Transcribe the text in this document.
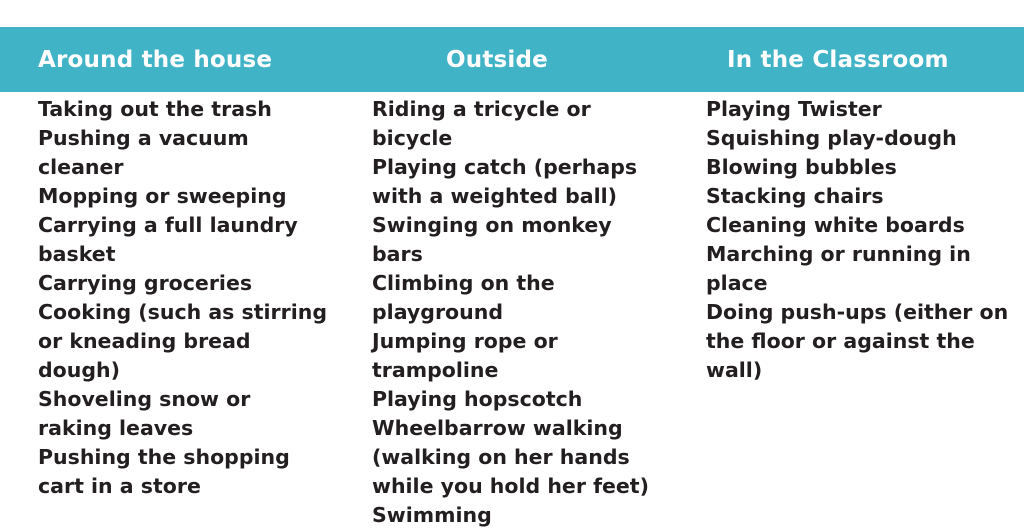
Around the house	Outside	In the Classroom

Taking out the trash

Pushing a vacuum cleaner

Mopping or sweeping

Carrying a full laundry basket

Carrying groceries

Cooking (such as stirring or kneading bread dough)

Shoveling snow or raking leaves

Pushing the shopping cart in a store

Riding a tricycle or bicycle

Playing catch (perhaps with a weighted ball)

Swinging on monkey bars

Climbing on the playground

Jumping rope or trampoline

Playing hopscotch

Wheelbarrow walking (walking on her hands while you hold her feet)

Swimming

Playing Twister

Squishing play-dough

Blowing bubbles

Stacking chairs

Cleaning white boards

Marching or running in place

Doing push-ups (either on the floor or against the wall)
